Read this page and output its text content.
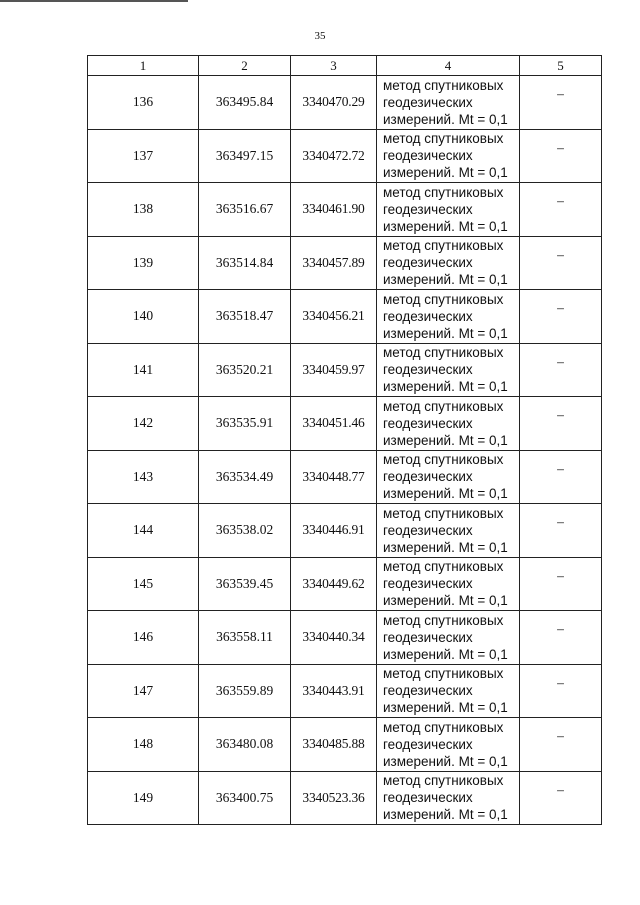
35
1	2	3	4	5
136	363495.84	3340470.29	метод спутниковых
геодезических
измерений. Mt = 0,1	–
137	363497.15	3340472.72	метод спутниковых
геодезических
измерений. Mt = 0,1	–
138	363516.67	3340461.90	метод спутниковых
геодезических
измерений. Mt = 0,1	–
139	363514.84	3340457.89	метод спутниковых
геодезических
измерений. Mt = 0,1	–
140	363518.47	3340456.21	метод спутниковых
геодезических
измерений. Mt = 0,1	–
141	363520.21	3340459.97	метод спутниковых
геодезических
измерений. Mt = 0,1	–
142	363535.91	3340451.46	метод спутниковых
геодезических
измерений. Mt = 0,1	–
143	363534.49	3340448.77	метод спутниковых
геодезических
измерений. Mt = 0,1	–
144	363538.02	3340446.91	метод спутниковых
геодезических
измерений. Mt = 0,1	–
145	363539.45	3340449.62	метод спутниковых
геодезических
измерений. Mt = 0,1	–
146	363558.11	3340440.34	метод спутниковых
геодезических
измерений. Mt = 0,1	–
147	363559.89	3340443.91	метод спутниковых
геодезических
измерений. Mt = 0,1	–
148	363480.08	3340485.88	метод спутниковых
геодезических
измерений. Mt = 0,1	–
149	363400.75	3340523.36	метод спутниковых
геодезических
измерений. Mt = 0,1	–
